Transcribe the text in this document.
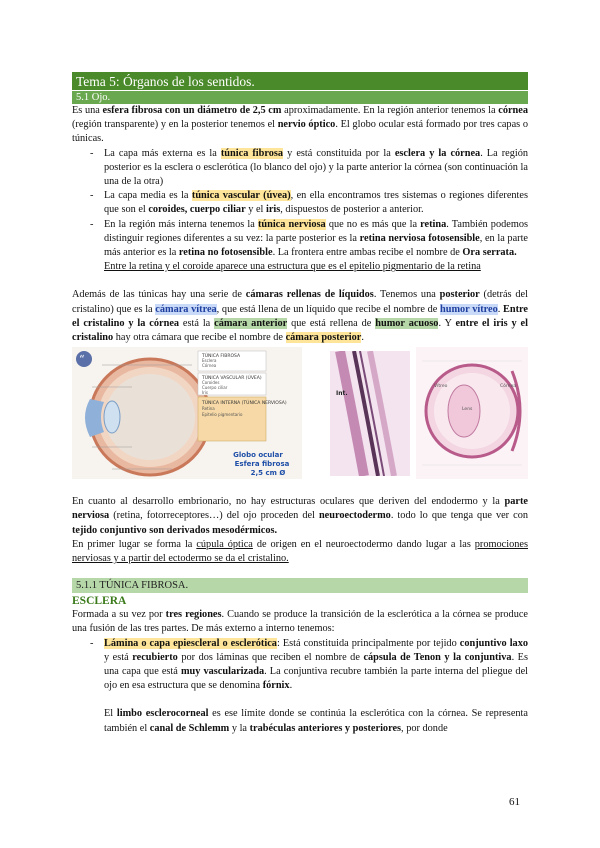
Tema 5: Órganos de los sentidos.
5.1 Ojo.

Es una esfera fibrosa con un diámetro de 2,5 cm aproximadamente. En la región anterior tenemos la córnea (región transparente) y en la posterior tenemos el nervio óptico. El globo ocular está formado por tres capas o túnicas.

- La capa más externa es la túnica fibrosa y está constituida por la esclera y la córnea. La región posterior es la esclera o esclerótica (lo blanco del ojo) y la parte anterior la córnea (son continuación la una de la otra)
- La capa media es la túnica vascular (úvea), en ella encontramos tres sistemas o regiones diferentes que son el coroides, cuerpo ciliar y el iris, dispuestos de posterior a anterior.
- En la región más interna tenemos la túnica nerviosa que no es más que la retina. También podemos distinguir regiones diferentes a su vez: la parte posterior es la retina nerviosa fotosensible, en la parte más anterior es la retina no fotosensible. La frontera entre ambas recibe el nombre de Ora serrata.
Entre la retina y el coroide aparece una estructura que es el epitelio pigmentario de la retina

Además de las túnicas hay una serie de cámaras rellenas de líquidos. Tenemos una posterior (detrás del cristalino) que es la cámara vítrea, que está llena de un líquido que recibe el nombre de humor vítreo. Entre el cristalino y la córnea está la cámara anterior que está rellena de humor acuoso. Y entre el iris y el cristalino hay otra cámara que recibe el nombre de cámara posterior.

“	TÚNICA FIBROSA
Esclera
Córnea
TÚNICA VASCULAR (ÚVEA)
Coroides
Cuerpo ciliar
Iris
TÚNICA INTERNA (TÚNICA NERVIOSA)
Retina
Epitelio pigmentario
Globo ocular
Esfera fibrosa
2,5 cm Ø
Int.
Lens
Córnea
Vítreo

En cuanto al desarrollo embrionario, no hay estructuras oculares que deriven del endodermo y la parte nerviosa (retina, fotorreceptores…) del ojo proceden del neuroectodermo. todo lo que tenga que ver con tejido conjuntivo son derivados mesodérmicos.

En primer lugar se forma la cúpula óptica de origen en el neuroectodermo dando lugar a las promociones nerviosas y a partir del ectodermo se da el cristalino.

5.1.1 TÚNICA FIBROSA.
ESCLERA

Formada a su vez por tres regiones. Cuando se produce la transición de la esclerótica a la córnea se produce una fusión de las tres partes. De más externo a interno tenemos:

- Lámina o capa epiescleral o esclerótica: Está constituida principalmente por tejido conjuntivo laxo y está recubierto por dos láminas que reciben el nombre de cápsula de Tenon y la conjuntiva. Es una capa que está muy vascularizada. La conjuntiva recubre también la parte interna del pliegue del ojo en esa estructura que se denomina fórnix.
El limbo esclerocorneal es ese límite donde se continúa la esclerótica con la córnea. Se representa también el canal de Schlemm y la trabéculas anteriores y posteriores, por donde
61
